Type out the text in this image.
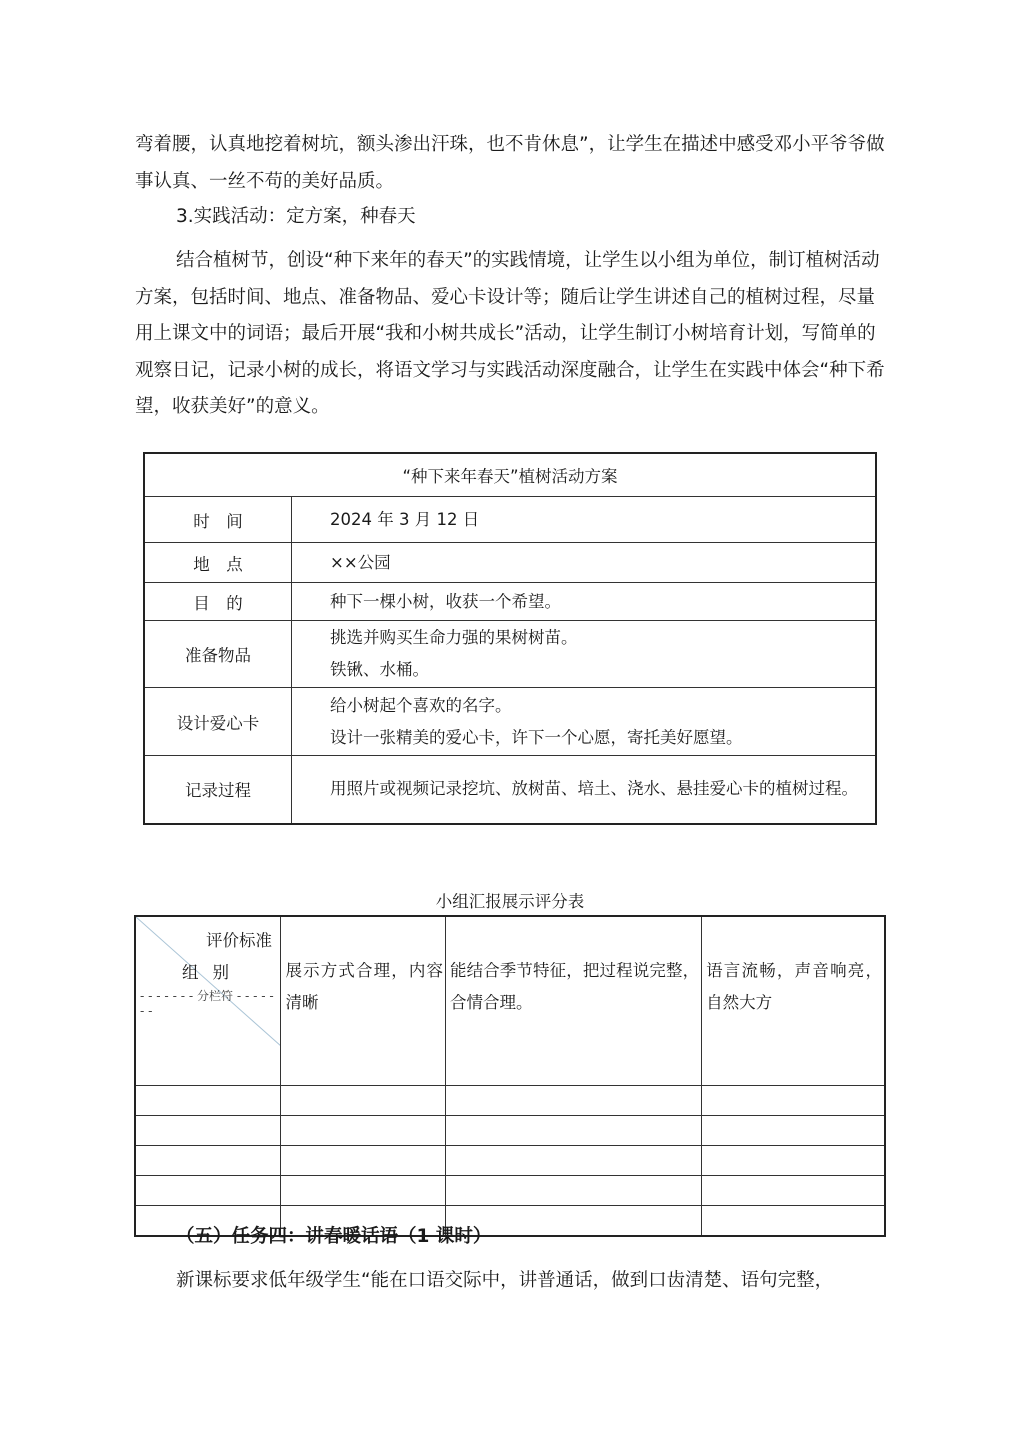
弯着腰，认真地挖着树坑，额头渗出汗珠，也不肯休息”，让学生在描述中感受邓小平爷爷做事认真、一丝不苟的美好品质。

3.实践活动：定方案，种春天

结合植树节，创设“种下来年的春天”的实践情境，让学生以小组为单位，制订植树活动方案，包括时间、地点、准备物品、爱心卡设计等；随后让学生讲述自己的植树过程，尽量用上课文中的词语；最后开展“我和小树共成长”活动，让学生制订小树培育计划，写简单的观察日记，记录小树的成长，将语文学习与实践活动深度融合，让学生在实践中体会“种下希望，收获美好”的意义。

“种下来年春天”植树活动方案	
时　间	2024 年 3 月 12 日
地　点	××公园
目　的	种下一棵小树，收获一个希望。
准备物品	挑选并购买生命力强的果树树苗。
铁锹、水桶。

设计爱心卡	给小树起个喜欢的名字。
设计一张精美的爱心卡，许下一个心愿，寄托美好愿望。

记录过程	用照片或视频记录挖坑、放树苗、培土、浇水、悬挂爱心卡的植树过程。
小组汇报展示评分表
评价标准
组别
- - - - - - - 分栏符 - - - - - - -	展示方式合理，内容清晰	能结合季节特征，把过程说完整，合情合理。	语言流畅，声音响亮，自然大方

（五）任务四：讲春暖话语（1 课时）

新课标要求低年级学生“能在口语交际中，讲普通话，做到口齿清楚、语句完整，
